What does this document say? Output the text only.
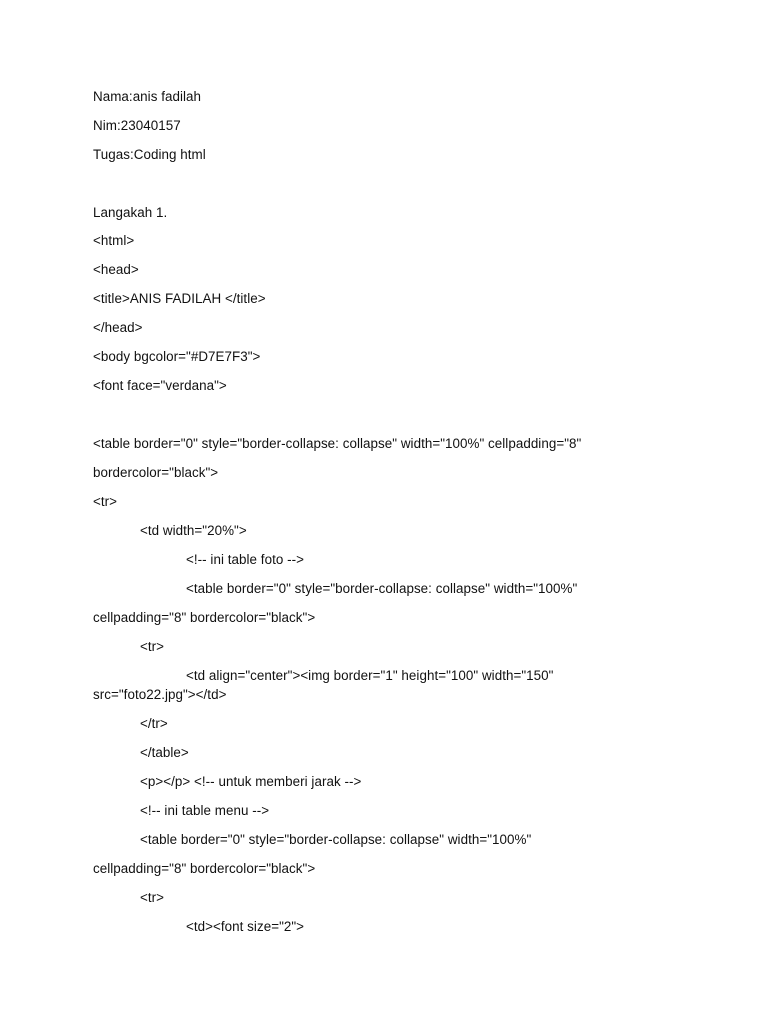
Nama:anis fadilah
Nim:23040157
Tugas:Coding html
Langakah 1.
<html>
<head>
<title>ANIS FADILAH </title>
</head>
<body bgcolor="#D7E7F3">
<font face="verdana">
<table border="0" style="border-collapse: collapse" width="100%" cellpadding="8"
bordercolor="black">
<tr>
<td width="20%">
<!-- ini table foto -->
<table border="0" style="border-collapse: collapse" width="100%"
cellpadding="8" bordercolor="black">
<tr>
<td align="center"><img border="1" height="100" width="150"
src="foto22.jpg"></td>
</tr>
</table>
<p></p> <!-- untuk memberi jarak -->
<!-- ini table menu -->
<table border="0" style="border-collapse: collapse" width="100%"
cellpadding="8" bordercolor="black">
<tr>
<td><font size="2">
